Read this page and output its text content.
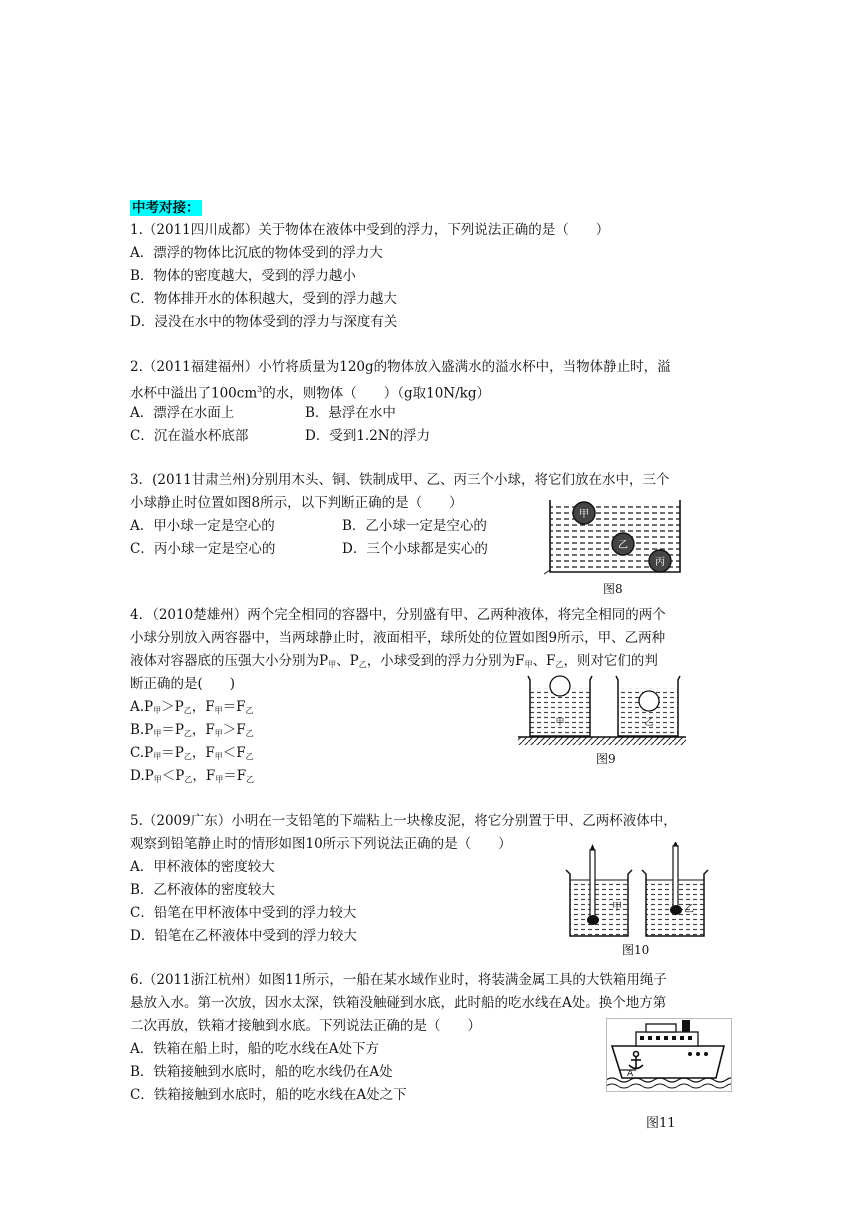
中考对接：
1.（2011四川成都）关于物体在液体中受到的浮力，下列说法正确的是（　　）
A．漂浮的物体比沉底的物体受到的浮力大
B．物体的密度越大，受到的浮力越小
C．物体排开水的体积越大，受到的浮力越大
D．浸没在水中的物体受到的浮力与深度有关
2.（2011福建福州）小竹将质量为120g的物体放入盛满水的溢水杯中，当物体静止时，溢
水杯中溢出了$100cm^3$的水，则物体（　　）（g取10N/kg）
A．漂浮在水面上	B．悬浮在水中
C．沉在溢水杯底部	D．受到1.2N的浮力
3．(2011甘肃兰州)分别用木头、铜、铁制成甲、乙、丙三个小球，将它们放在水中，三个
小球静止时位置如图8所示，以下判断正确的是（　　）
A．甲小球一定是空心的	B．乙小球一定是空心的
C．丙小球一定是空心的	D．三个小球都是实心的
甲
乙
丙
图8
4．（2010楚雄州）两个完全相同的容器中，分别盛有甲、乙两种液体，将完全相同的两个
小球分别放入两容器中，当两球静止时，液面相平，球所处的位置如图9所示，甲、乙两种
液体对容器底的压强大小分别为$P_甲$、$P_乙$，小球受到的浮力分别为$F_甲$、$F_乙$，则对它们的判
断正确的是(　　)
$A.P_甲>P_乙$，$F_甲=F_乙$
$B.P_甲=P_乙$，$F_甲>F_乙$
$C.P_甲=P_乙$，$F_甲<F_乙$
$D.P_甲<P_乙$，$F_甲=F_乙$
甲	乙
图9
5.（2009广东）小明在一支铅笔的下端粘上一块橡皮泥，将它分别置于甲、乙两杯液体中，
观察到铅笔静止时的情形如图10所示下列说法正确的是（　　）
A．甲杯液体的密度较大
B．乙杯液体的密度较大
C．铅笔在甲杯液体中受到的浮力较大
D．铅笔在乙杯液体中受到的浮力较大
甲	乙
图10
6.（2011浙江杭州）如图11所示，一船在某水域作业时，将装满金属工具的大铁箱用绳子
悬放入水。第一次放，因水太深，铁箱没触碰到水底，此时船的吃水线在A处。换个地方第
二次再放，铁箱才接触到水底。下列说法正确的是（　　）
A．铁箱在船上时，船的吃水线在A处下方
B．铁箱接触到水底时，船的吃水线仍在A处
C．铁箱接触到水底时，船的吃水线在A处之下
A
图11
